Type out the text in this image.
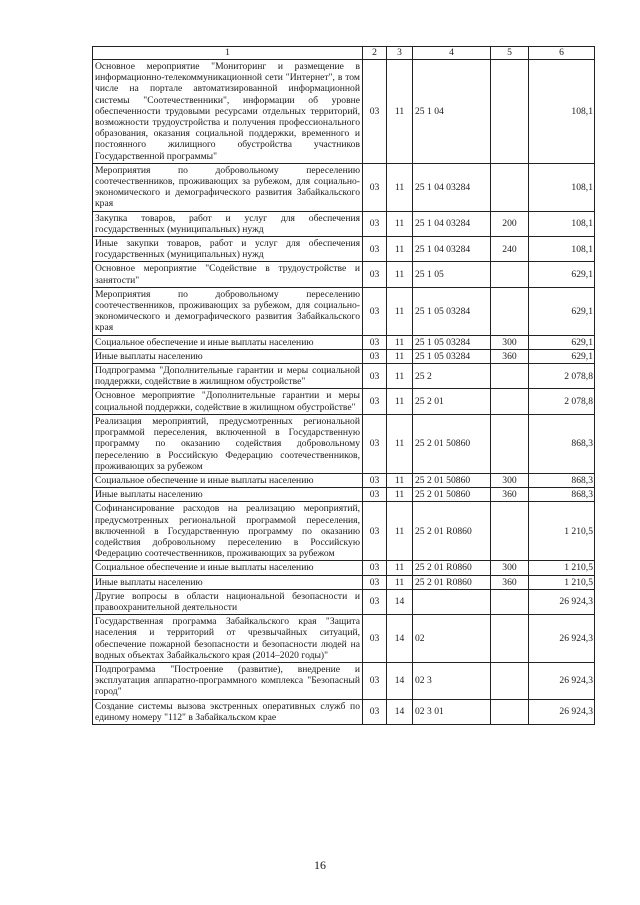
1	2	3	4	5	6
Основное мероприятие "Мониторинг и размещение в информационно-телекоммуникационной сети "Интернет", в том числе на портале автоматизированной информационной системы "Соотечественники", информации об уровне обеспеченности трудовыми ресурсами отдельных территорий, возможности трудоустройства и получения профессионального образования, оказания социальной поддержки, временного и постоянного жилищного обустройства участников Государственной программы"	03	11	25 1 04		108,1
Мероприятия по добровольному переселению соотечественников, проживающих за рубежом, для социально-экономического и демографического развития Забайкальского края	03	11	25 1 04 03284		108,1
Закупка товаров, работ и услуг для обеспечения государственных (муниципальных) нужд	03	11	25 1 04 03284	200	108,1
Иные закупки товаров, работ и услуг для обеспечения государственных (муниципальных) нужд	03	11	25 1 04 03284	240	108,1
Основное мероприятие "Содействие в трудоустройстве и занятости"	03	11	25 1 05		629,1
Мероприятия по добровольному переселению соотечественников, проживающих за рубежом, для социально-экономического и демографического развития Забайкальского края	03	11	25 1 05 03284		629,1
Социальное обеспечение и иные выплаты населению	03	11	25 1 05 03284	300	629,1
Иные выплаты населению	03	11	25 1 05 03284	360	629,1
Подпрограмма "Дополнительные гарантии и меры социальной поддержки, содействие в жилищном обустройстве"	03	11	25 2		2 078,8
Основное мероприятие "Дополнительные гарантии и меры социальной поддержки, содействие в жилищном обустройстве"	03	11	25 2 01		2 078,8
Реализация мероприятий, предусмотренных региональной программой переселения, включенной в Государственную программу по оказанию содействия добровольному переселению в Российскую Федерацию соотечественников, проживающих за рубежом	03	11	25 2 01 50860		868,3
Социальное обеспечение и иные выплаты населению	03	11	25 2 01 50860	300	868,3
Иные выплаты населению	03	11	25 2 01 50860	360	868,3
Софинансирование расходов на реализацию мероприятий, предусмотренных региональной программой переселения, включенной в Государственную программу по оказанию содействия добровольному переселению в Российскую Федерацию соотечественников, проживающих за рубежом	03	11	25 2 01 R0860		1 210,5
Социальное обеспечение и иные выплаты населению	03	11	25 2 01 R0860	300	1 210,5
Иные выплаты населению	03	11	25 2 01 R0860	360	1 210,5
Другие вопросы в области национальной безопасности и правоохранительной деятельности	03	14			26 924,3
Государственная программа Забайкальского края "Защита населения и территорий от чрезвычайных ситуаций, обеспечение пожарной безопасности и безопасности людей на водных объектах Забайкальского края (2014–2020 годы)"	03	14	02		26 924,3
Подпрограмма "Построение (развитие), внедрение и эксплуатация аппаратно-программного комплекса "Безопасный город"	03	14	02 3		26 924,3
Создание системы вызова экстренных оперативных служб по единому номеру "112" в Забайкальском крае	03	14	02 3 01		26 924,3
16
